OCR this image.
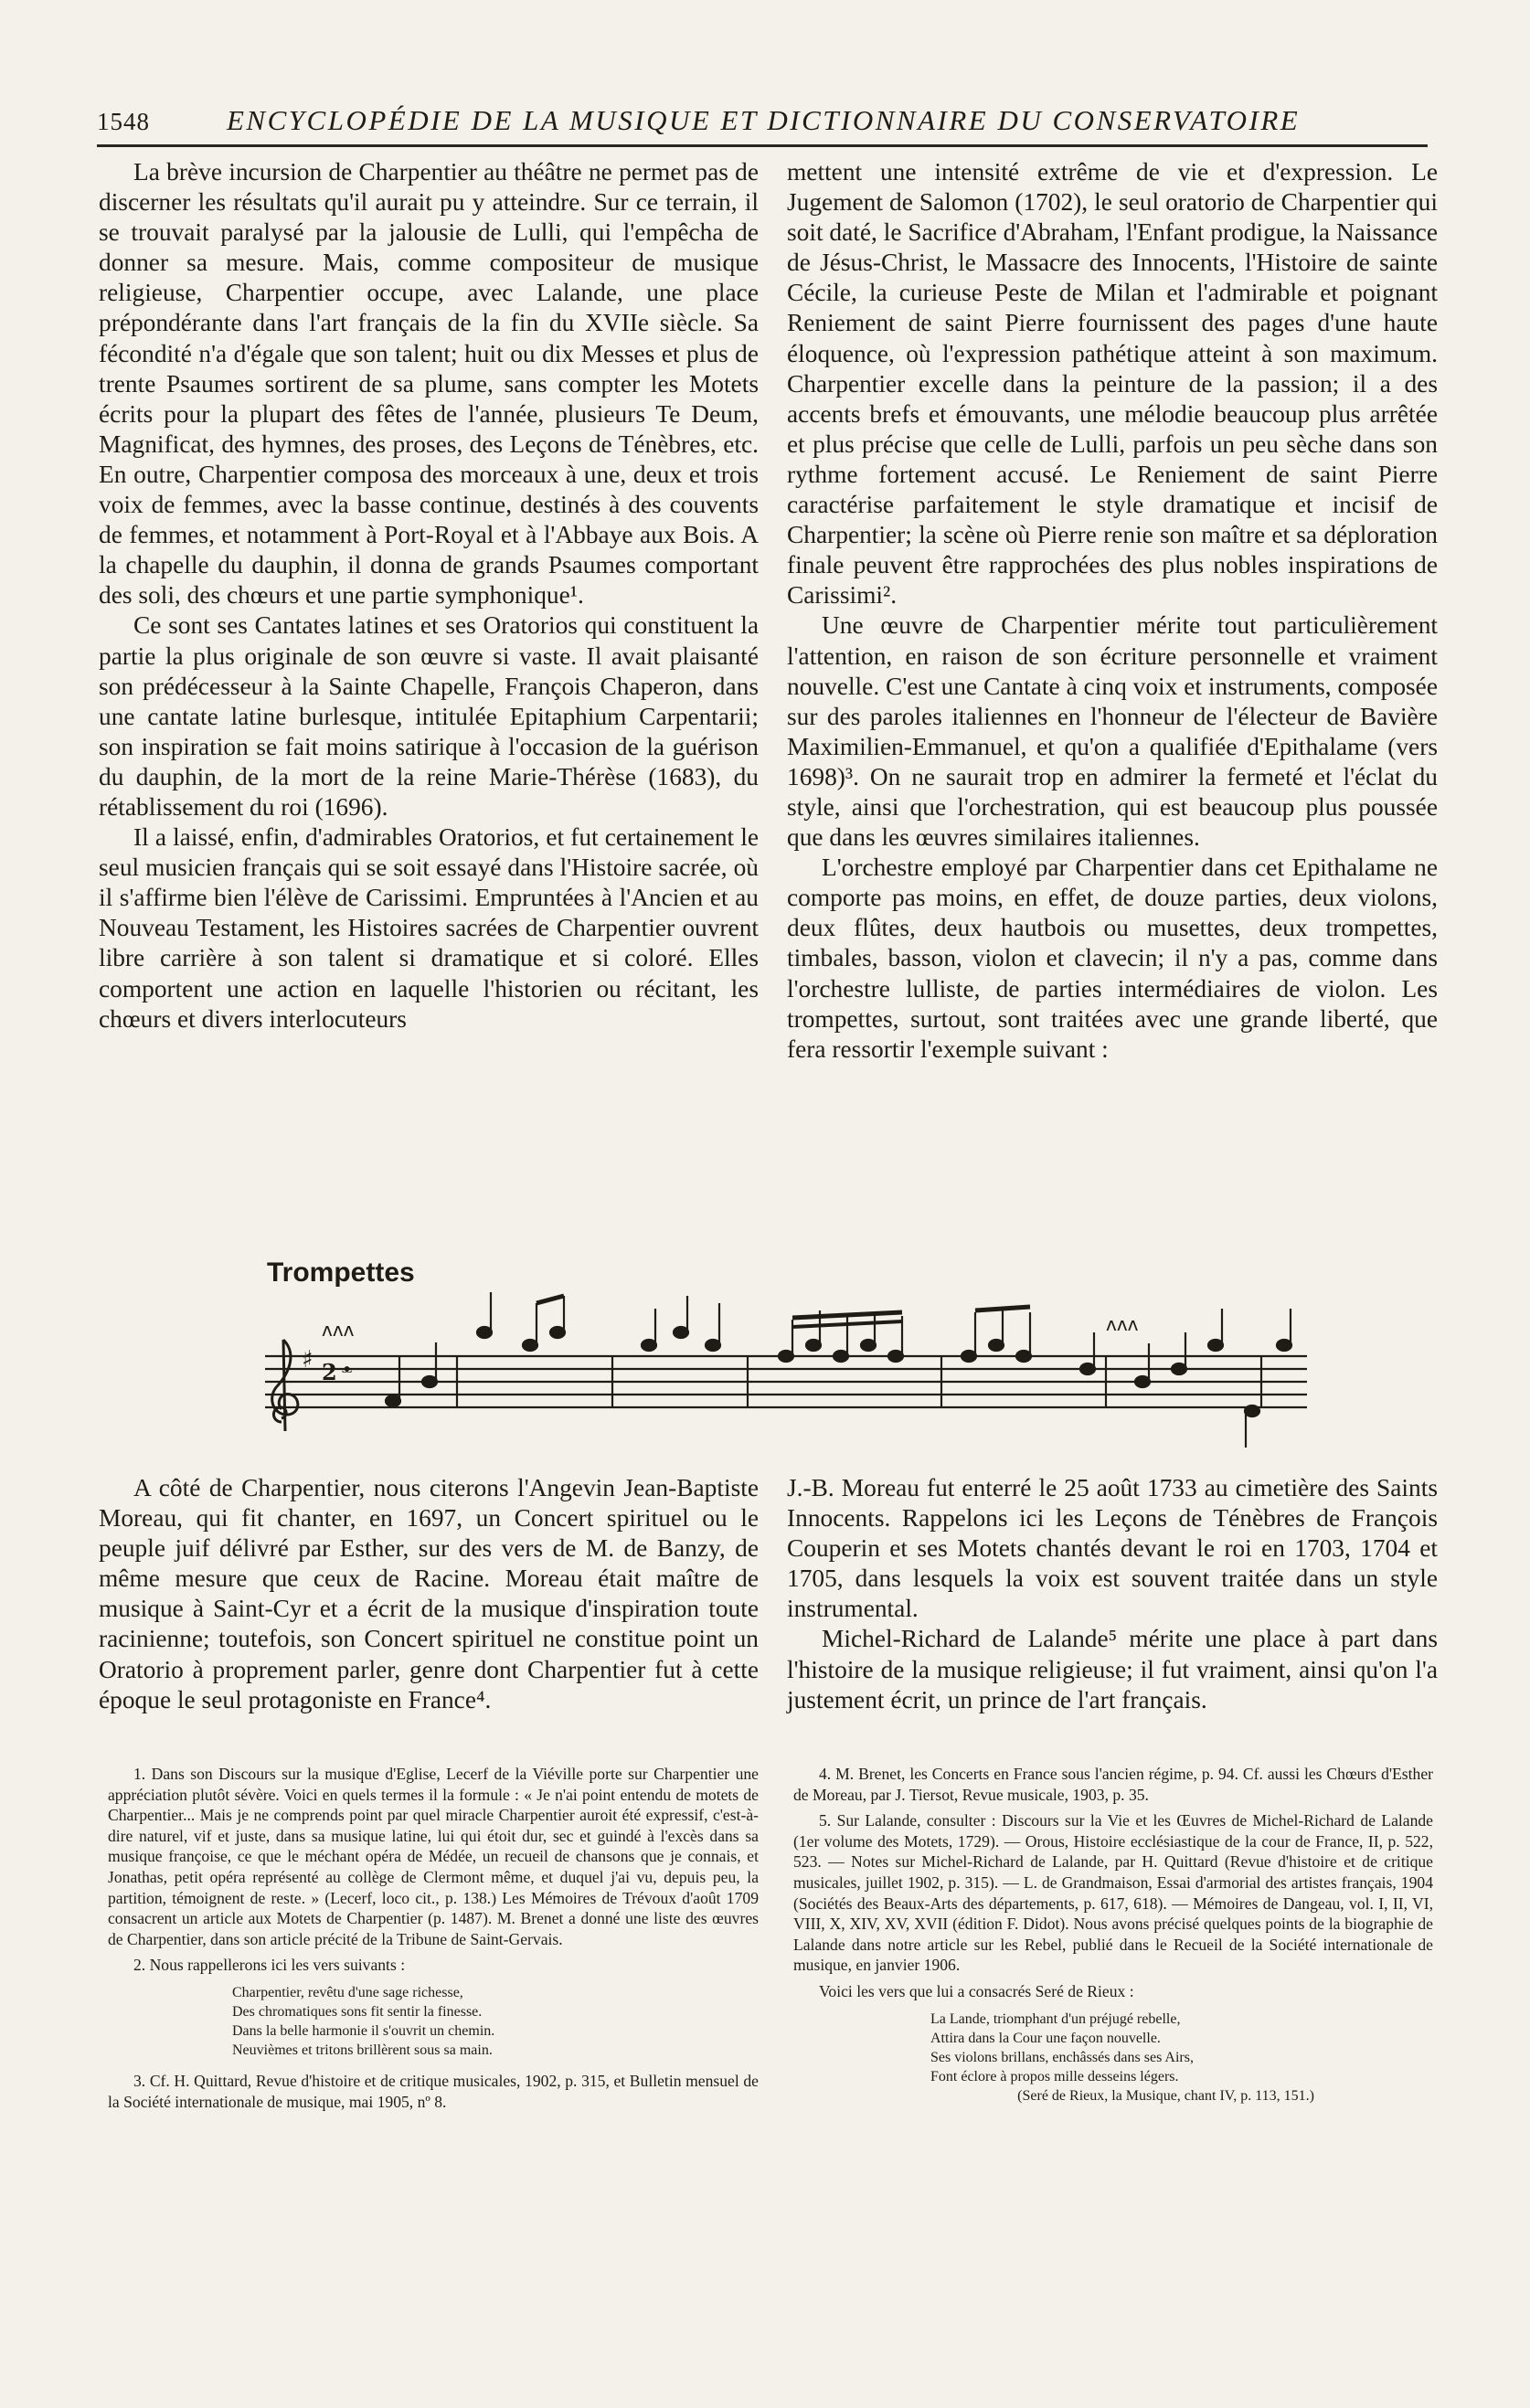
1548	ENCYCLOPÉDIE DE LA MUSIQUE ET DICTIONNAIRE DU CONSERVATOIRE

La brève incursion de Charpentier au théâtre ne permet pas de discerner les résultats qu'il aurait pu y atteindre. Sur ce terrain, il se trouvait paralysé par la jalousie de Lulli, qui l'empêcha de donner sa mesure. Mais, comme compositeur de musique religieuse, Charpentier occupe, avec Lalande, une place prépondérante dans l'art français de la fin du XVIIe siècle. Sa fécondité n'a d'égale que son talent; huit ou dix Messes et plus de trente Psaumes sortirent de sa plume, sans compter les Motets écrits pour la plupart des fêtes de l'année, plusieurs Te Deum, Magnificat, des hymnes, des proses, des Leçons de Ténèbres, etc. En outre, Charpentier composa des morceaux à une, deux et trois voix de femmes, avec la basse continue, destinés à des couvents de femmes, et notamment à Port-Royal et à l'Abbaye aux Bois. A la chapelle du dauphin, il donna de grands Psaumes comportant des soli, des chœurs et une partie symphonique¹.

Ce sont ses Cantates latines et ses Oratorios qui constituent la partie la plus originale de son œuvre si vaste. Il avait plaisanté son prédécesseur à la Sainte Chapelle, François Chaperon, dans une cantate latine burlesque, intitulée Epitaphium Carpentarii; son inspiration se fait moins satirique à l'occasion de la guérison du dauphin, de la mort de la reine Marie-Thérèse (1683), du rétablissement du roi (1696).

Il a laissé, enfin, d'admirables Oratorios, et fut certainement le seul musicien français qui se soit essayé dans l'Histoire sacrée, où il s'affirme bien l'élève de Carissimi. Empruntées à l'Ancien et au Nouveau Testament, les Histoires sacrées de Charpentier ouvrent libre carrière à son talent si dramatique et si coloré. Elles comportent une action en laquelle l'historien ou récitant, les chœurs et divers interlocuteurs

mettent une intensité extrême de vie et d'expression. Le Jugement de Salomon (1702), le seul oratorio de Charpentier qui soit daté, le Sacrifice d'Abraham, l'Enfant prodigue, la Naissance de Jésus-Christ, le Massacre des Innocents, l'Histoire de sainte Cécile, la curieuse Peste de Milan et l'admirable et poignant Reniement de saint Pierre fournissent des pages d'une haute éloquence, où l'expression pathétique atteint à son maximum. Charpentier excelle dans la peinture de la passion; il a des accents brefs et émouvants, une mélodie beaucoup plus arrêtée et plus précise que celle de Lulli, parfois un peu sèche dans son rythme fortement accusé. Le Reniement de saint Pierre caractérise parfaitement le style dramatique et incisif de Charpentier; la scène où Pierre renie son maître et sa déploration finale peuvent être rapprochées des plus nobles inspirations de Carissimi².

Une œuvre de Charpentier mérite tout particulièrement l'attention, en raison de son écriture personnelle et vraiment nouvelle. C'est une Cantate à cinq voix et instruments, composée sur des paroles italiennes en l'honneur de l'électeur de Bavière Maximilien-Emmanuel, et qu'on a qualifiée d'Epithalame (vers 1698)³. On ne saurait trop en admirer la fermeté et l'éclat du style, ainsi que l'orchestration, qui est beaucoup plus poussée que dans les œuvres similaires italiennes.

L'orchestre employé par Charpentier dans cet Epithalame ne comporte pas moins, en effet, de douze parties, deux violons, deux flûtes, deux hautbois ou musettes, deux trompettes, timbales, basson, violon et clavecin; il n'y a pas, comme dans l'orchestre lulliste, de parties intermédiaires de violon. Les trompettes, surtout, sont traitées avec une grande liberté, que fera ressortir l'exemple suivant :

Trompettes
♯ 2 ᵜ
ʌʌʌ	ʌʌʌ

A côté de Charpentier, nous citerons l'Angevin Jean-Baptiste Moreau, qui fit chanter, en 1697, un Concert spirituel ou le peuple juif délivré par Esther, sur des vers de M. de Banzy, de même mesure que ceux de Racine. Moreau était maître de musique à Saint-Cyr et a écrit de la musique d'inspiration toute racinienne; toutefois, son Concert spirituel ne constitue point un Oratorio à proprement parler, genre dont Charpentier fut à cette époque le seul protagoniste en France⁴.

J.-B. Moreau fut enterré le 25 août 1733 au cimetière des Saints Innocents. Rappelons ici les Leçons de Ténèbres de François Couperin et ses Motets chantés devant le roi en 1703, 1704 et 1705, dans lesquels la voix est souvent traitée dans un style instrumental.

Michel-Richard de Lalande⁵ mérite une place à part dans l'histoire de la musique religieuse; il fut vraiment, ainsi qu'on l'a justement écrit, un prince de l'art français.

1. Dans son Discours sur la musique d'Eglise, Lecerf de la Viéville porte sur Charpentier une appréciation plutôt sévère. Voici en quels termes il la formule : « Je n'ai point entendu de motets de Charpentier... Mais je ne comprends point par quel miracle Charpentier auroit été expressif, c'est-à-dire naturel, vif et juste, dans sa musique latine, lui qui étoit dur, sec et guindé à l'excès dans sa musique françoise, ce que le méchant opéra de Médée, un recueil de chansons que je connais, et Jonathas, petit opéra représenté au collège de Clermont même, et duquel j'ai vu, depuis peu, la partition, témoignent de reste. » (Lecerf, loco cit., p. 138.) Les Mémoires de Trévoux d'août 1709 consacrent un article aux Motets de Charpentier (p. 1487). M. Brenet a donné une liste des œuvres de Charpentier, dans son article précité de la Tribune de Saint-Gervais.

2. Nous rappellerons ici les vers suivants :

Charpentier, revêtu d'une sage richesse,
Des chromatiques sons fit sentir la finesse.
Dans la belle harmonie il s'ouvrit un chemin.
Neuvièmes et tritons brillèrent sous sa main.

3. Cf. H. Quittard, Revue d'histoire et de critique musicales, 1902, p. 315, et Bulletin mensuel de la Société internationale de musique, mai 1905, nº 8.

4. M. Brenet, les Concerts en France sous l'ancien régime, p. 94. Cf. aussi les Chœurs d'Esther de Moreau, par J. Tiersot, Revue musicale, 1903, p. 35.

5. Sur Lalande, consulter : Discours sur la Vie et les Œuvres de Michel-Richard de Lalande (1er volume des Motets, 1729). — Orous, Histoire ecclésiastique de la cour de France, II, p. 522, 523. — Notes sur Michel-Richard de Lalande, par H. Quittard (Revue d'histoire et de critique musicales, juillet 1902, p. 315). — L. de Grandmaison, Essai d'armorial des artistes français, 1904 (Sociétés des Beaux-Arts des départements, p. 617, 618). — Mémoires de Dangeau, vol. I, II, VI, VIII, X, XIV, XV, XVII (édition F. Didot). Nous avons précisé quelques points de la biographie de Lalande dans notre article sur les Rebel, publié dans le Recueil de la Société internationale de musique, en janvier 1906.

Voici les vers que lui a consacrés Seré de Rieux :

La Lande, triomphant d'un préjugé rebelle,
Attira dans la Cour une façon nouvelle.
Ses violons brillans, enchâssés dans ses Airs,
Font éclore à propos mille desseins légers.
(Seré de Rieux, la Musique, chant IV, p. 113, 151.)
